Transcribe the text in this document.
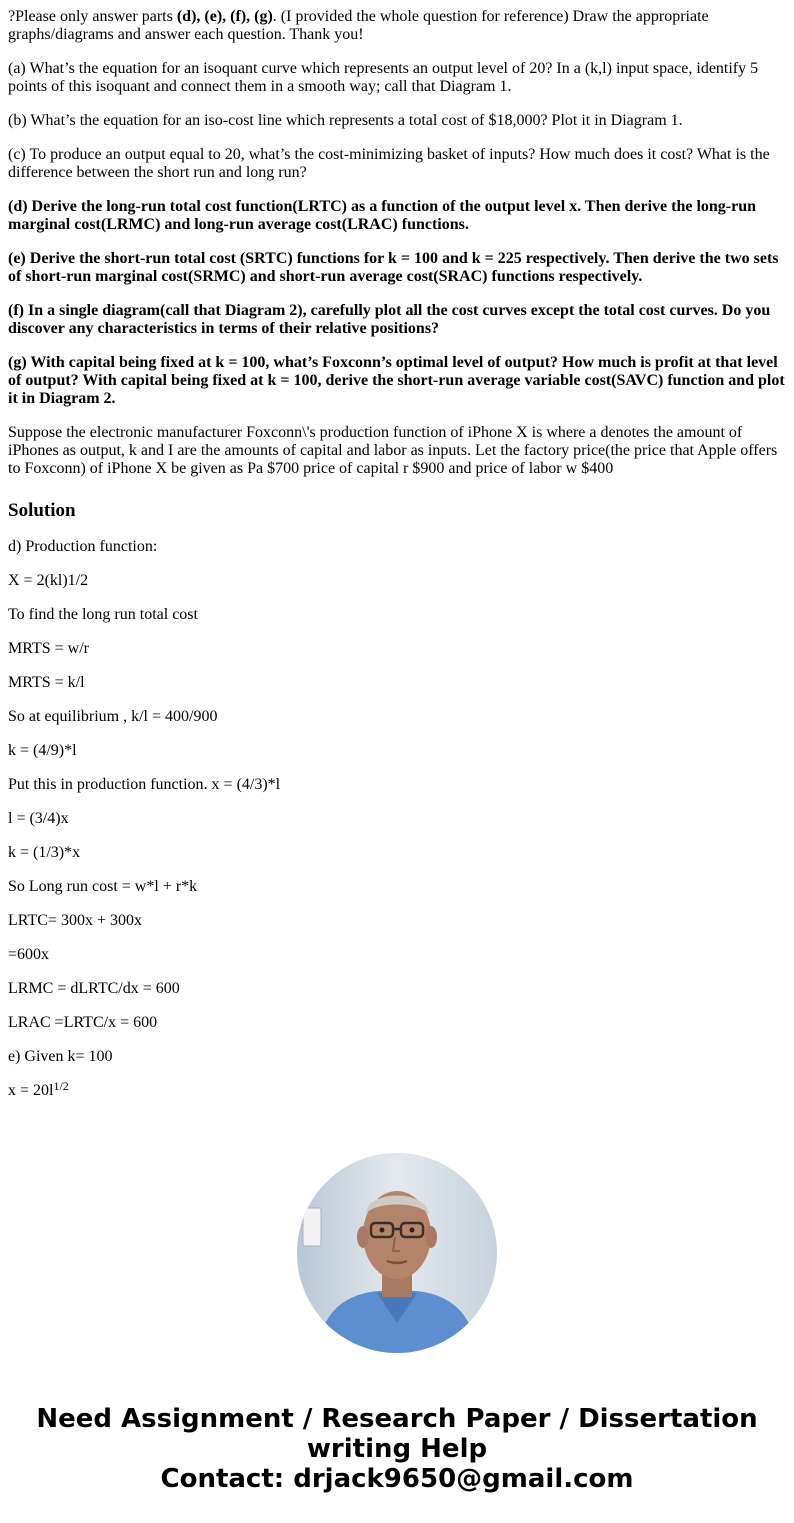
?Please only answer parts (d), (e), (f), (g). (I provided the whole question for reference) Draw the appropriate graphs/diagrams and answer each question. Thank you!

(a) What’s the equation for an isoquant curve which represents an output level of 20? In a (k,l) input space, identify 5 points of this isoquant and connect them in a smooth way; call that Diagram 1.

(b) What’s the equation for an iso-cost line which represents a total cost of $18,000? Plot it in Diagram 1.

(c) To produce an output equal to 20, what’s the cost-minimizing basket of inputs? How much does it cost? What is the difference between the short run and long run?

(d) Derive the long-run total cost function(LRTC) as a function of the output level x. Then derive the long-run marginal cost(LRMC) and long-run average cost(LRAC) functions.

(e) Derive the short-run total cost (SRTC) functions for k = 100 and k = 225 respectively. Then derive the two sets of short-run marginal cost(SRMC) and short-run average cost(SRAC) functions respectively.

(f) In a single diagram(call that Diagram 2), carefully plot all the cost curves except the total cost curves. Do you discover any characteristics in terms of their relative positions?

(g) With capital being fixed at k = 100, what’s Foxconn’s optimal level of output? How much is profit at that level of output? With capital being fixed at k = 100, derive the short-run average variable cost(SAVC) function and plot it in Diagram 2.

Suppose the electronic manufacturer Foxconn\'s production function of iPhone X is where a denotes the amount of iPhones as output, k and I are the amounts of capital and labor as inputs. Let the factory price(the price that Apple offers to Foxconn) of iPhone X be given as Pa $700 price of capital r $900 and price of labor w $400

Solution

d) Production function:

X = 2(kl)1/2

To find the long run total cost

MRTS = w/r

MRTS = k/l

So at equilibrium , k/l = 400/900

k = (4/9)*l

Put this in production function. x = (4/3)*l

l = (3/4)x

k = (1/3)*x

So Long run cost = w*l + r*k

LRTC= 300x + 300x

=600x

LRMC = dLRTC/dx = 600

LRAC =LRTC/x = 600

e) Given k= 100

$x = 20l^{1/2}$

Need Assignment / Research Paper / Dissertation
writing Help
Contact: drjack9650@gmail.com
